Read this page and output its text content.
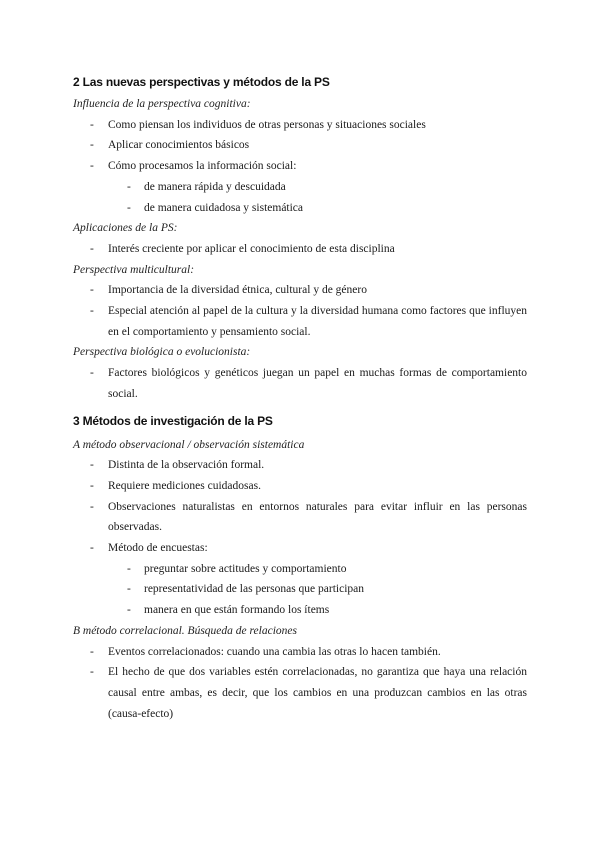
2 Las nuevas perspectivas y métodos de la PS
Influencia de la perspectiva cognitiva:
- Como piensan los individuos de otras personas y situaciones sociales
- Aplicar conocimientos básicos
- Cómo procesamos la información social:
- de manera rápida y descuidada
- de manera cuidadosa y sistemática
Aplicaciones de la PS:
- Interés creciente por aplicar el conocimiento de esta disciplina
Perspectiva multicultural:
- Importancia de la diversidad étnica, cultural y de género
- Especial atención al papel de la cultura y la diversidad humana como factores que influyen en el comportamiento y pensamiento social.
Perspectiva biológica o evolucionista:
- Factores biológicos y genéticos juegan un papel en muchas formas de comportamiento social.
3 Métodos de investigación de la PS
A método observacional / observación sistemática
- Distinta de la observación formal.
- Requiere mediciones cuidadosas.
- Observaciones naturalistas en entornos naturales para evitar influir en las personas observadas.
- Método de encuestas:
- preguntar sobre actitudes y comportamiento
- representatividad de las personas que participan
- manera en que están formando los ítems
B método correlacional. Búsqueda de relaciones
- Eventos correlacionados: cuando una cambia las otras lo hacen también.
- El hecho de que dos variables estén correlacionadas, no garantiza que haya una relación causal entre ambas, es decir, que los cambios en una produzcan cambios en las otras (causa-efecto)
